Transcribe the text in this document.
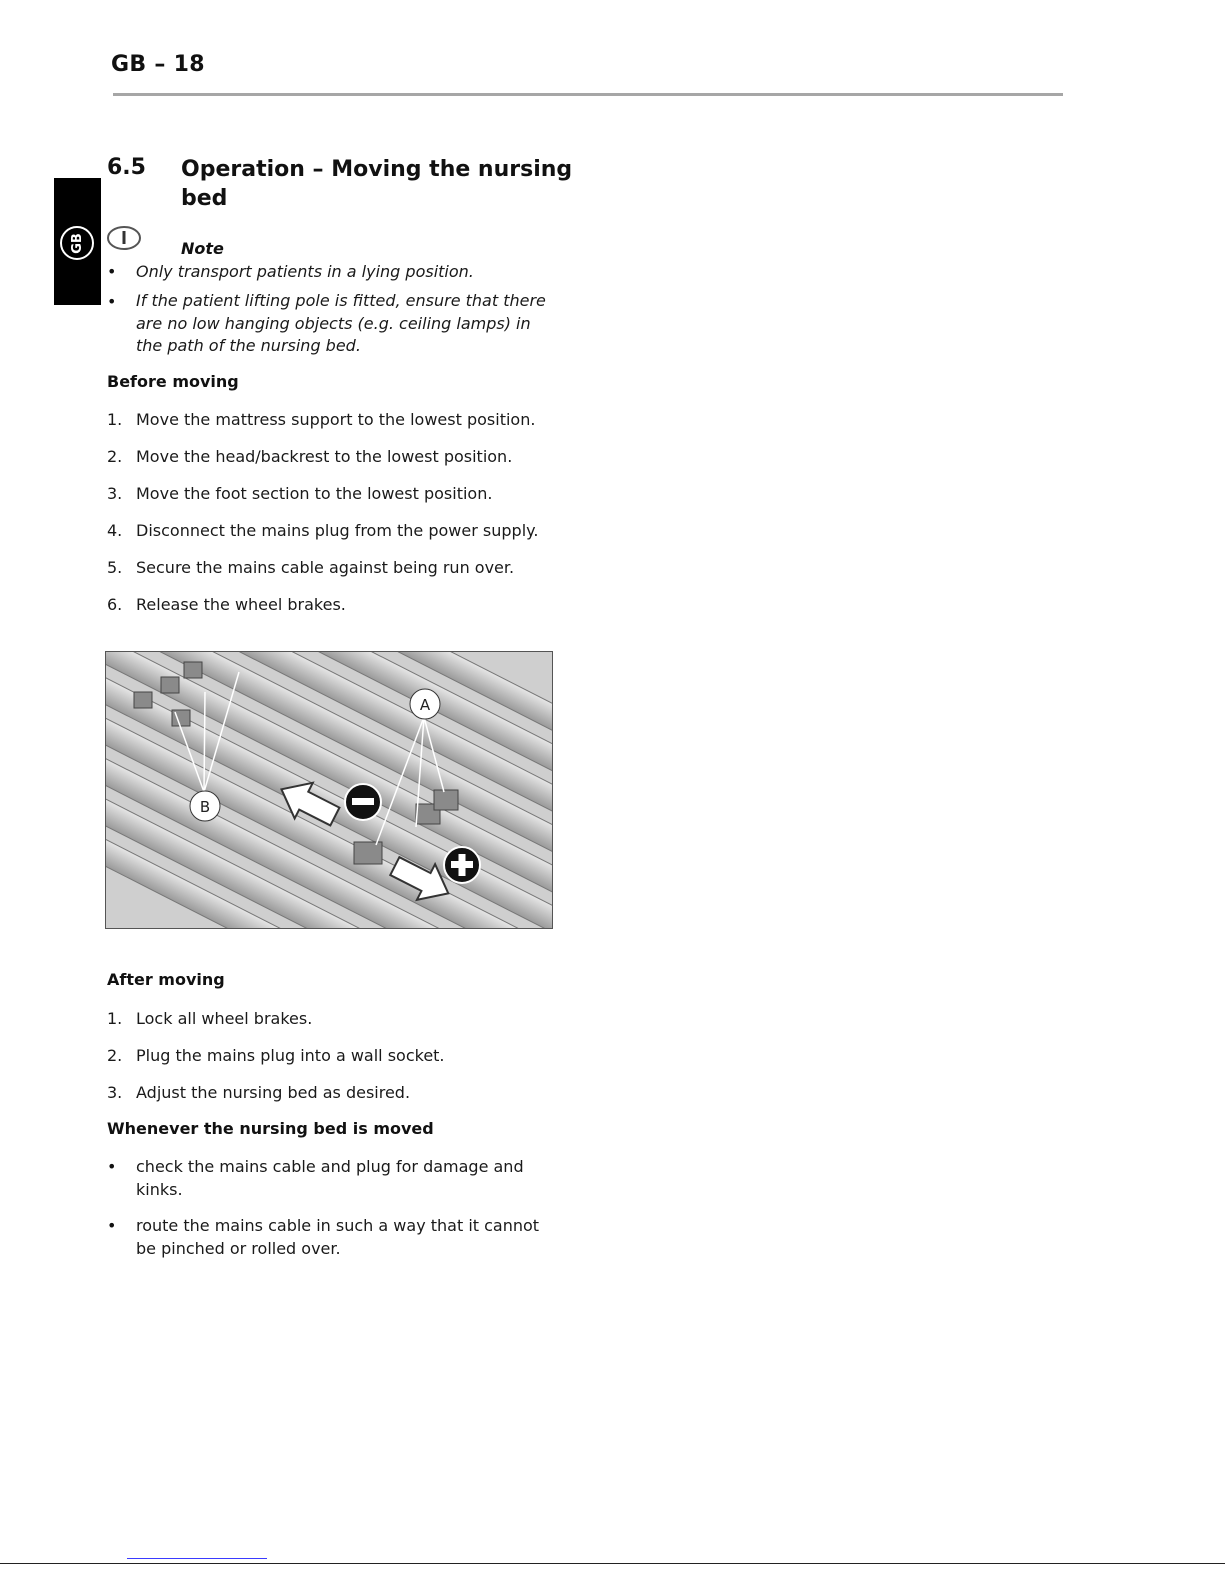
GB – 18
GB
6.5 Operation – Moving the nursing bed
Note
• Only transport patients in a lying position.
• If the patient lifting pole is fitted, ensure that there are no low hanging objects (e.g. ceiling lamps) in the path of the nursing bed.
Before moving
1. Move the mattress support to the lowest position.
2. Move the head/backrest to the lowest position.
3. Move the foot section to the lowest position.
4. Disconnect the mains plug from the power supply.
5. Secure the mains cable against being run over.
6. Release the wheel brakes.
A
B
After moving
1. Lock all wheel brakes.
2. Plug the mains plug into a wall socket.
3. Adjust the nursing bed as desired.
Whenever the nursing bed is moved
• check the mains cable and plug for damage and kinks.
• route the mains cable in such a way that it cannot be pinched or rolled over.
